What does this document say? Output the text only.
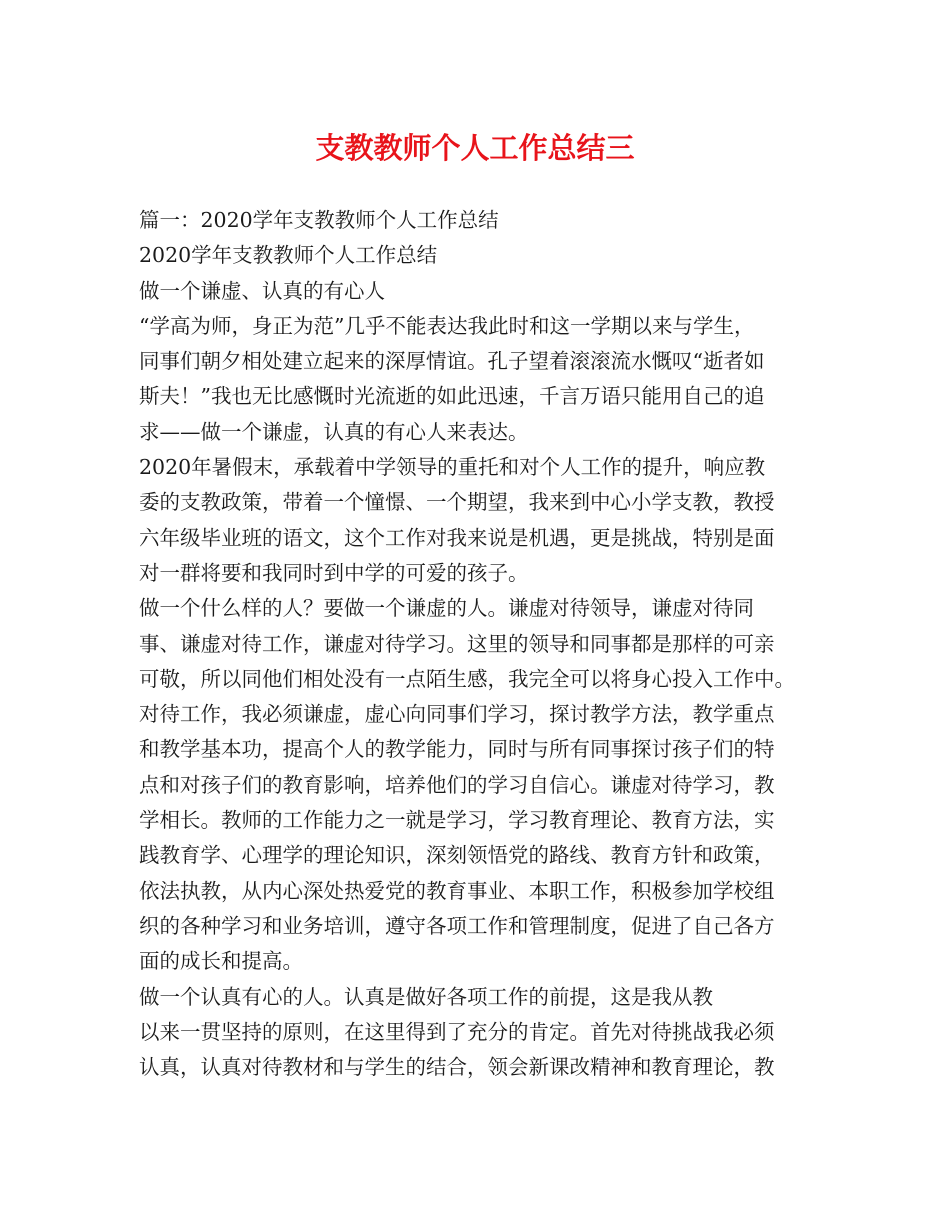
支教教师个人工作总结三
篇一：2020学年支教教师个人工作总结
2020学年支教教师个人工作总结
做一个谦虚、认真的有心人
“学高为师，身正为范”几乎不能表达我此时和这一学期以来与学生，
同事们朝夕相处建立起来的深厚情谊。孔子望着滚滚流水慨叹“逝者如
斯夫！”我也无比感慨时光流逝的如此迅速，千言万语只能用自己的追
求——做一个谦虚，认真的有心人来表达。
2020年暑假末，承载着中学领导的重托和对个人工作的提升，响应教
委的支教政策，带着一个憧憬、一个期望，我来到中心小学支教，教授
六年级毕业班的语文，这个工作对我来说是机遇，更是挑战，特别是面
对一群将要和我同时到中学的可爱的孩子。
做一个什么样的人？要做一个谦虚的人。谦虚对待领导，谦虚对待同
事、谦虚对待工作，谦虚对待学习。这里的领导和同事都是那样的可亲
可敬，所以同他们相处没有一点陌生感，我完全可以将身心投入工作中。
对待工作，我必须谦虚，虚心向同事们学习，探讨教学方法，教学重点
和教学基本功，提高个人的教学能力，同时与所有同事探讨孩子们的特
点和对孩子们的教育影响，培养他们的学习自信心。谦虚对待学习，教
学相长。教师的工作能力之一就是学习，学习教育理论、教育方法，实
践教育学、心理学的理论知识，深刻领悟党的路线、教育方针和政策，
依法执教，从内心深处热爱党的教育事业、本职工作，积极参加学校组
织的各种学习和业务培训，遵守各项工作和管理制度，促进了自己各方
面的成长和提高。
做一个认真有心的人。认真是做好各项工作的前提，这是我从教
以来一贯坚持的原则，在这里得到了充分的肯定。首先对待挑战我必须
认真，认真对待教材和与学生的结合，领会新课改精神和教育理论，教
